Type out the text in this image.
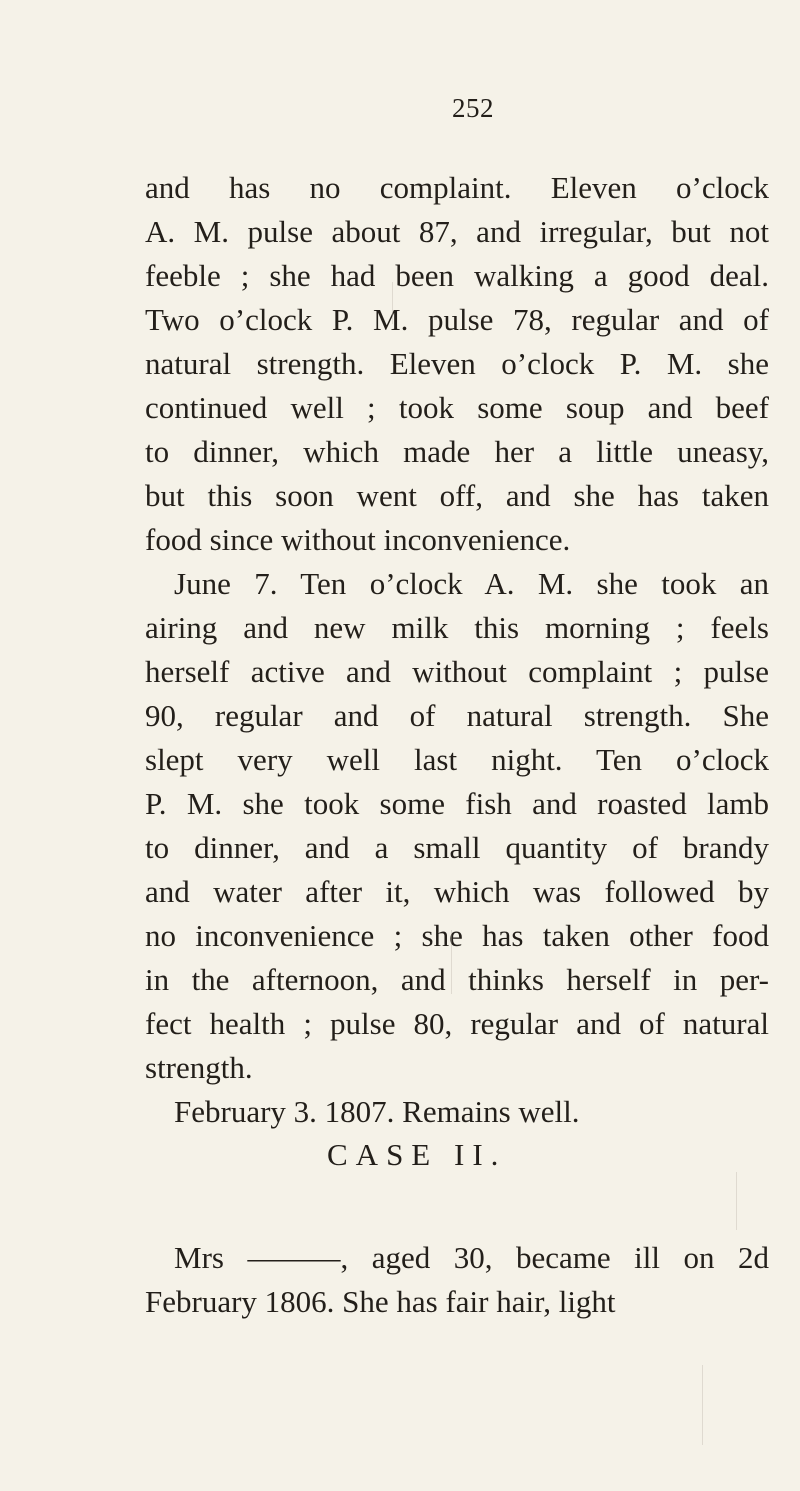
252
and has no complaint. Eleven o’clock
A. M. pulse about 87, and irregular, but not
feeble ; she had been walking a good deal.
Two o’clock P. M. pulse 78, regular and of
natural strength. Eleven o’clock P. M. she
continued well ; took some soup and beef
to dinner, which made her a little uneasy,
but this soon went off, and she has taken
food since without inconvenience.
June 7. Ten o’clock A. M. she took an
airing and new milk this morning ; feels
herself active and without complaint ; pulse
90, regular and of natural strength. She
slept very well last night. Ten o’clock
P. M. she took some fish and roasted lamb
to dinner, and a small quantity of brandy
and water after it, which was followed by
no inconvenience ; she has taken other food
in the afternoon, and thinks herself in per-
fect health ; pulse 80, regular and of natural
strength.
February 3. 1807. Remains well.
CASE II.
Mrs ———, aged 30, became ill on 2d
February 1806. She has fair hair, light
